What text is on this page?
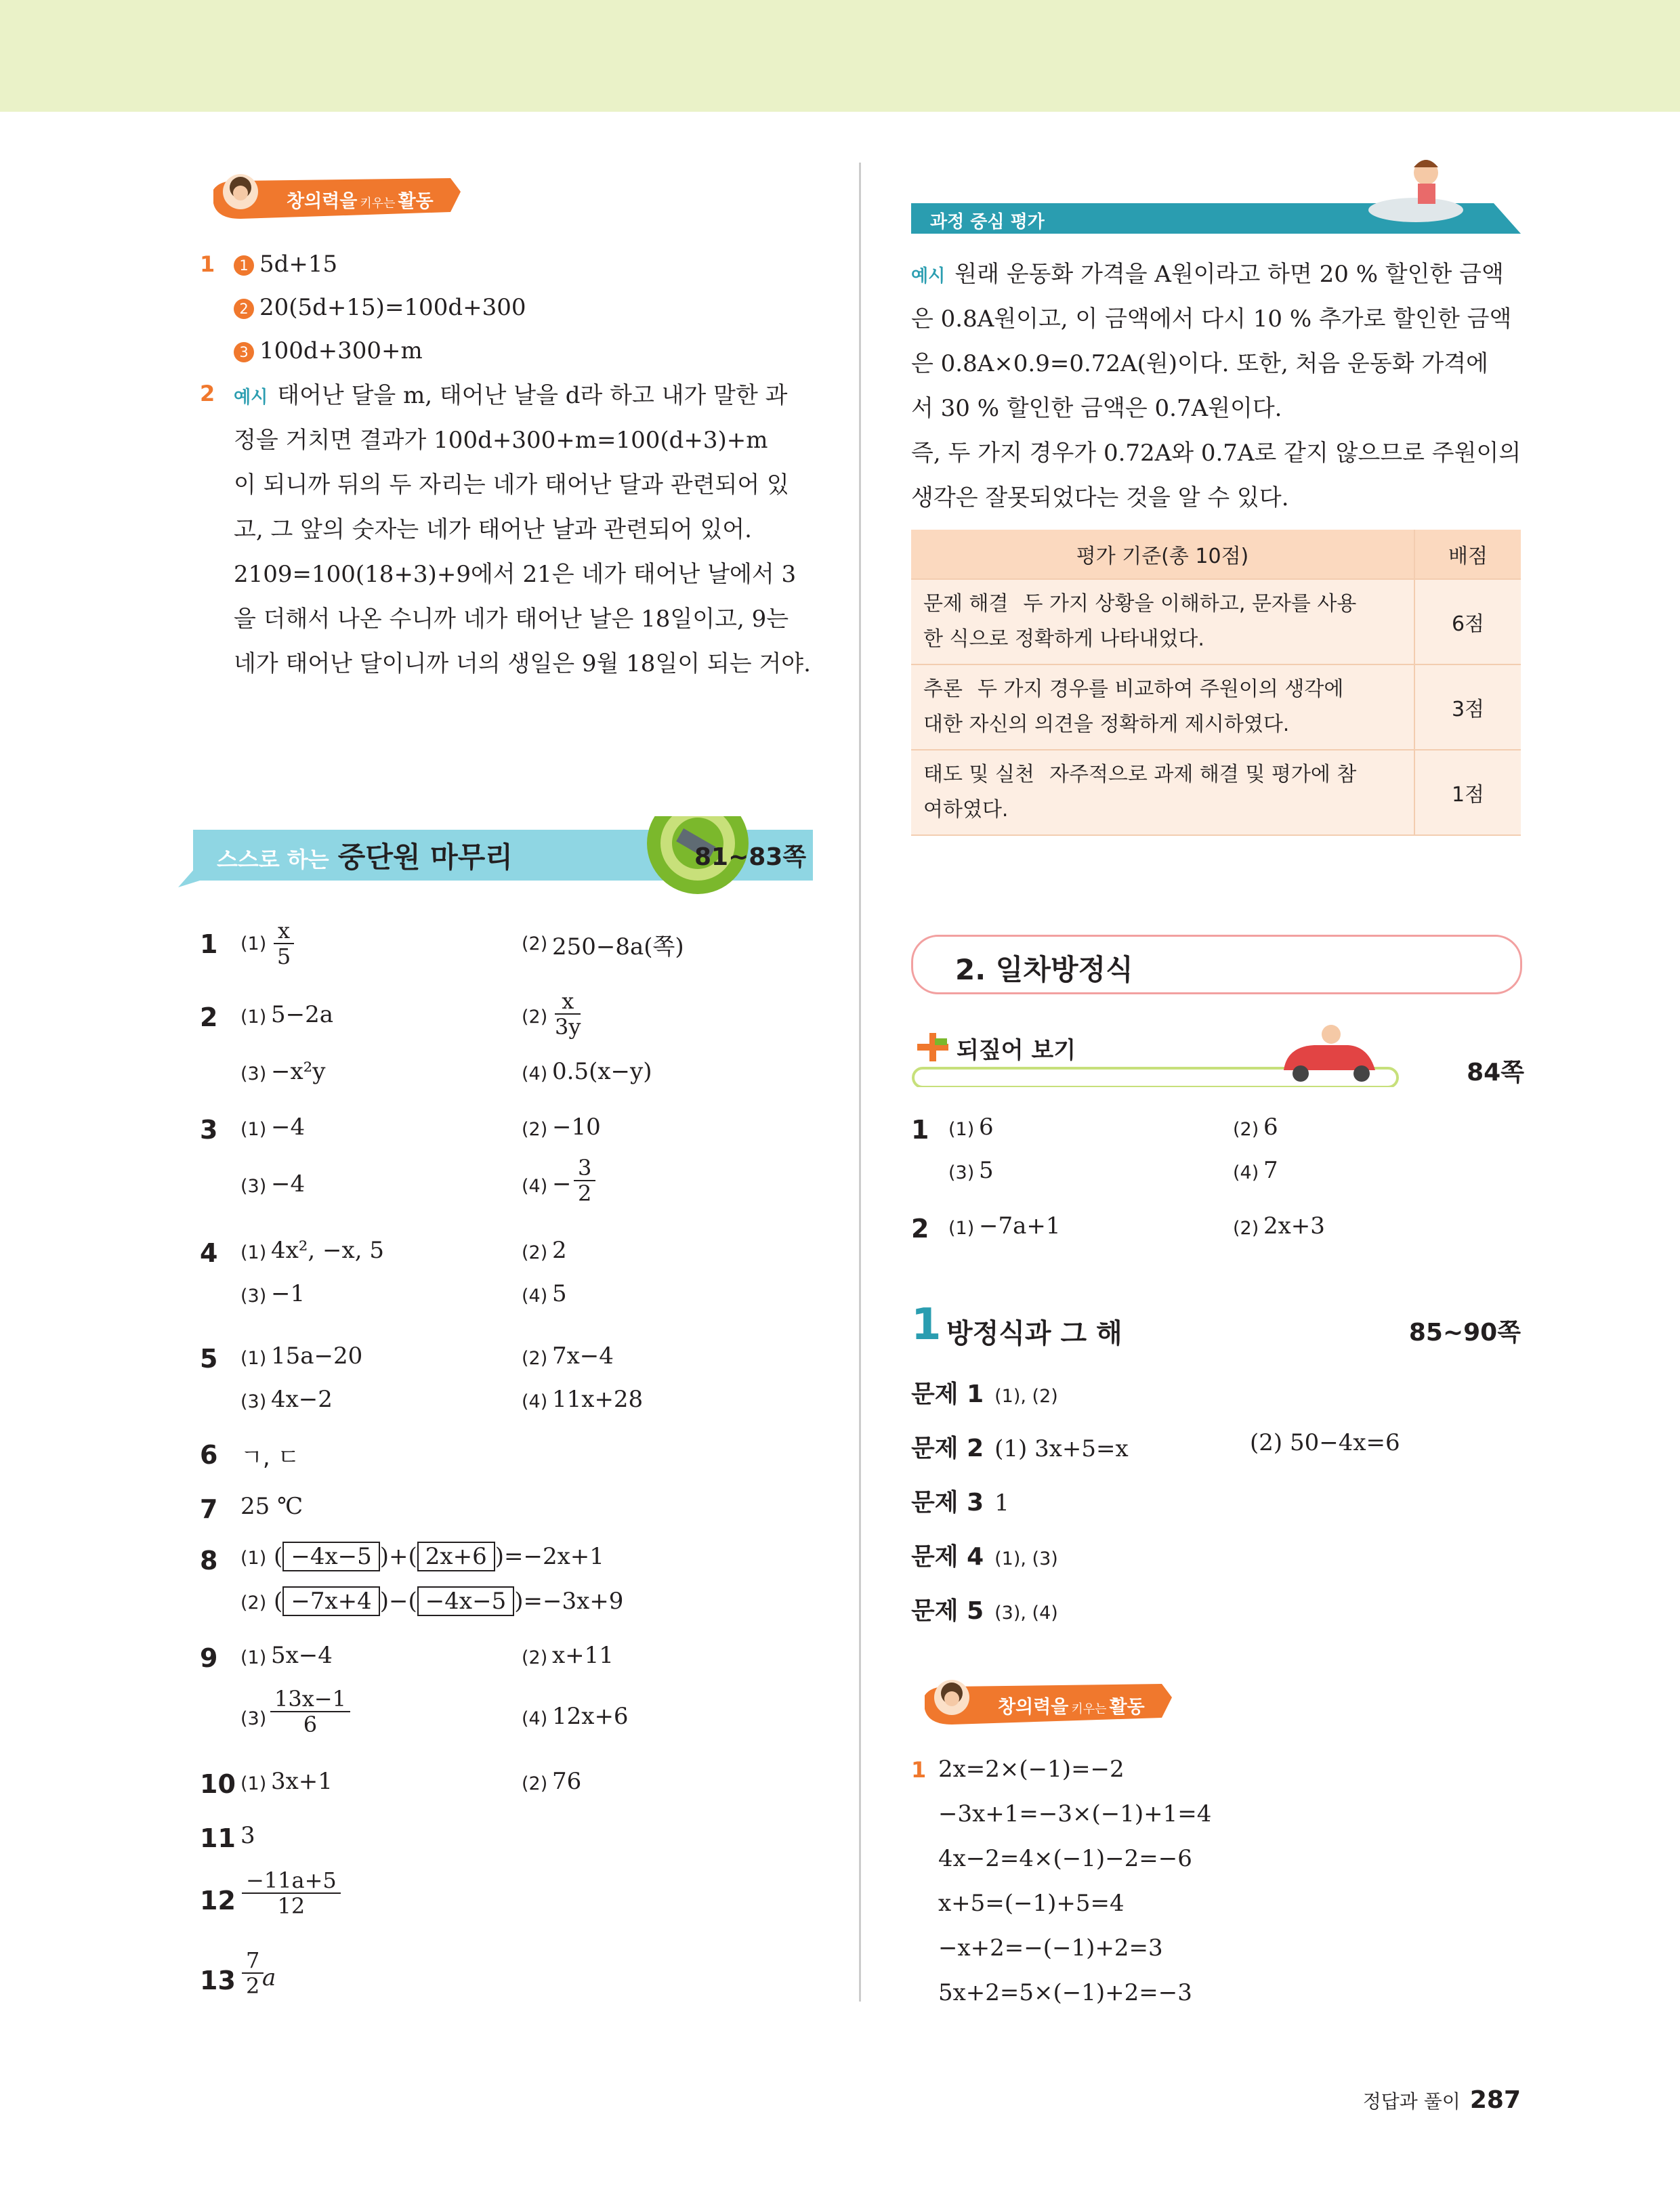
창의력을 키우는 활동
1 1 5d+15
2 20(5d+15)=100d+300
3 100d+300+m
2 예시 태어난 달을 m, 태어난 날을 d라 하고 내가 말한 과
정을 거치면 결과가 100d+300+m=100(d+3)+m
이 되니까 뒤의 두 자리는 네가 태어난 달과 관련되어 있
고, 그 앞의 숫자는 네가 태어난 날과 관련되어 있어.
2109=100(18+3)+9에서 21은 네가 태어난 날에서 3
을 더해서 나온 수니까 네가 태어난 날은 18일이고, 9는
네가 태어난 달이니까 너의 생일은 9월 18일이 되는 거야.
스스로 하는 중단원 마무리	81~83쪽
1 $(1) \frac{x}{5}$	(2) 250−8a(쪽)
2 (1) 5−2a	$(2) \frac{x}{3y}$
(3) −x²y	(4) 0.5(x−y)
3 (1) −4	(2) −10
(3) −4	$(4) - \frac{3}{2}$
4 (1) 4x², −x, 5	(2) 2
(3) −1	(4) 5
5 (1) 15a−20	(2) 7x−4
(3) 4x−2	(4) 11x+28
6 ㄱ, ㄷ
7 25 ℃
8 (1) ( −4x−5 )+( 2x+6 )=−2x+1
(2) ( −7x+4 )−( −4x−5 )=−3x+9
9 (1) 5x−4	(2) x+11
$(3) \frac{13x-1}{6}$	(4) 12x+6
10 (1) 3x+1	(2) 76
11 3
$12 \frac{-11a+5}{12}$
$13 \frac{7}{2}$
a
과정 중심 평가
예시 원래 운동화 가격을 A원이라고 하면 20 % 할인한 금액
은 0.8A원이고, 이 금액에서 다시 10 % 추가로 할인한 금액
은 0.8A×0.9=0.72A(원)이다. 또한, 처음 운동화 가격에
서 30 % 할인한 금액은 0.7A원이다.
즉, 두 가지 경우가 0.72A와 0.7A로 같지 않으므로 주원이의
생각은 잘못되었다는 것을 알 수 있다.
평가 기준(총 10점)	배점

문제 해결 두 가지 상황을 이해하고, 문자를 사용
한 식으로 정확하게 나타내었다.	6점

추론 두 가지 경우를 비교하여 주원이의 생각에
대한 자신의 의견을 정확하게 제시하였다.	3점

태도 및 실천 자주적으로 과제 해결 및 평가에 참
여하였다.	1점
2. 일차방정식
되짚어 보기
84쪽
1 (1) 6	(2) 6
(3) 5	(4) 7
2 (1) −7a+1	(2) 2x+3
1 방정식과 그 해	85~90쪽
문제 1 (1), (2)
문제 2 (1) 3x+5=x	(2) 50−4x=6
문제 3 1
문제 4 (1), (3)
문제 5 (3), (4)
창의력을 키우는 활동
1 2x=2×(−1)=−2
−3x+1=−3×(−1)+1=4
4x−2=4×(−1)−2=−6
x+5=(−1)+5=4
−x+2=−(−1)+2=3
5x+2=5×(−1)+2=−3
정답과 풀이 287
